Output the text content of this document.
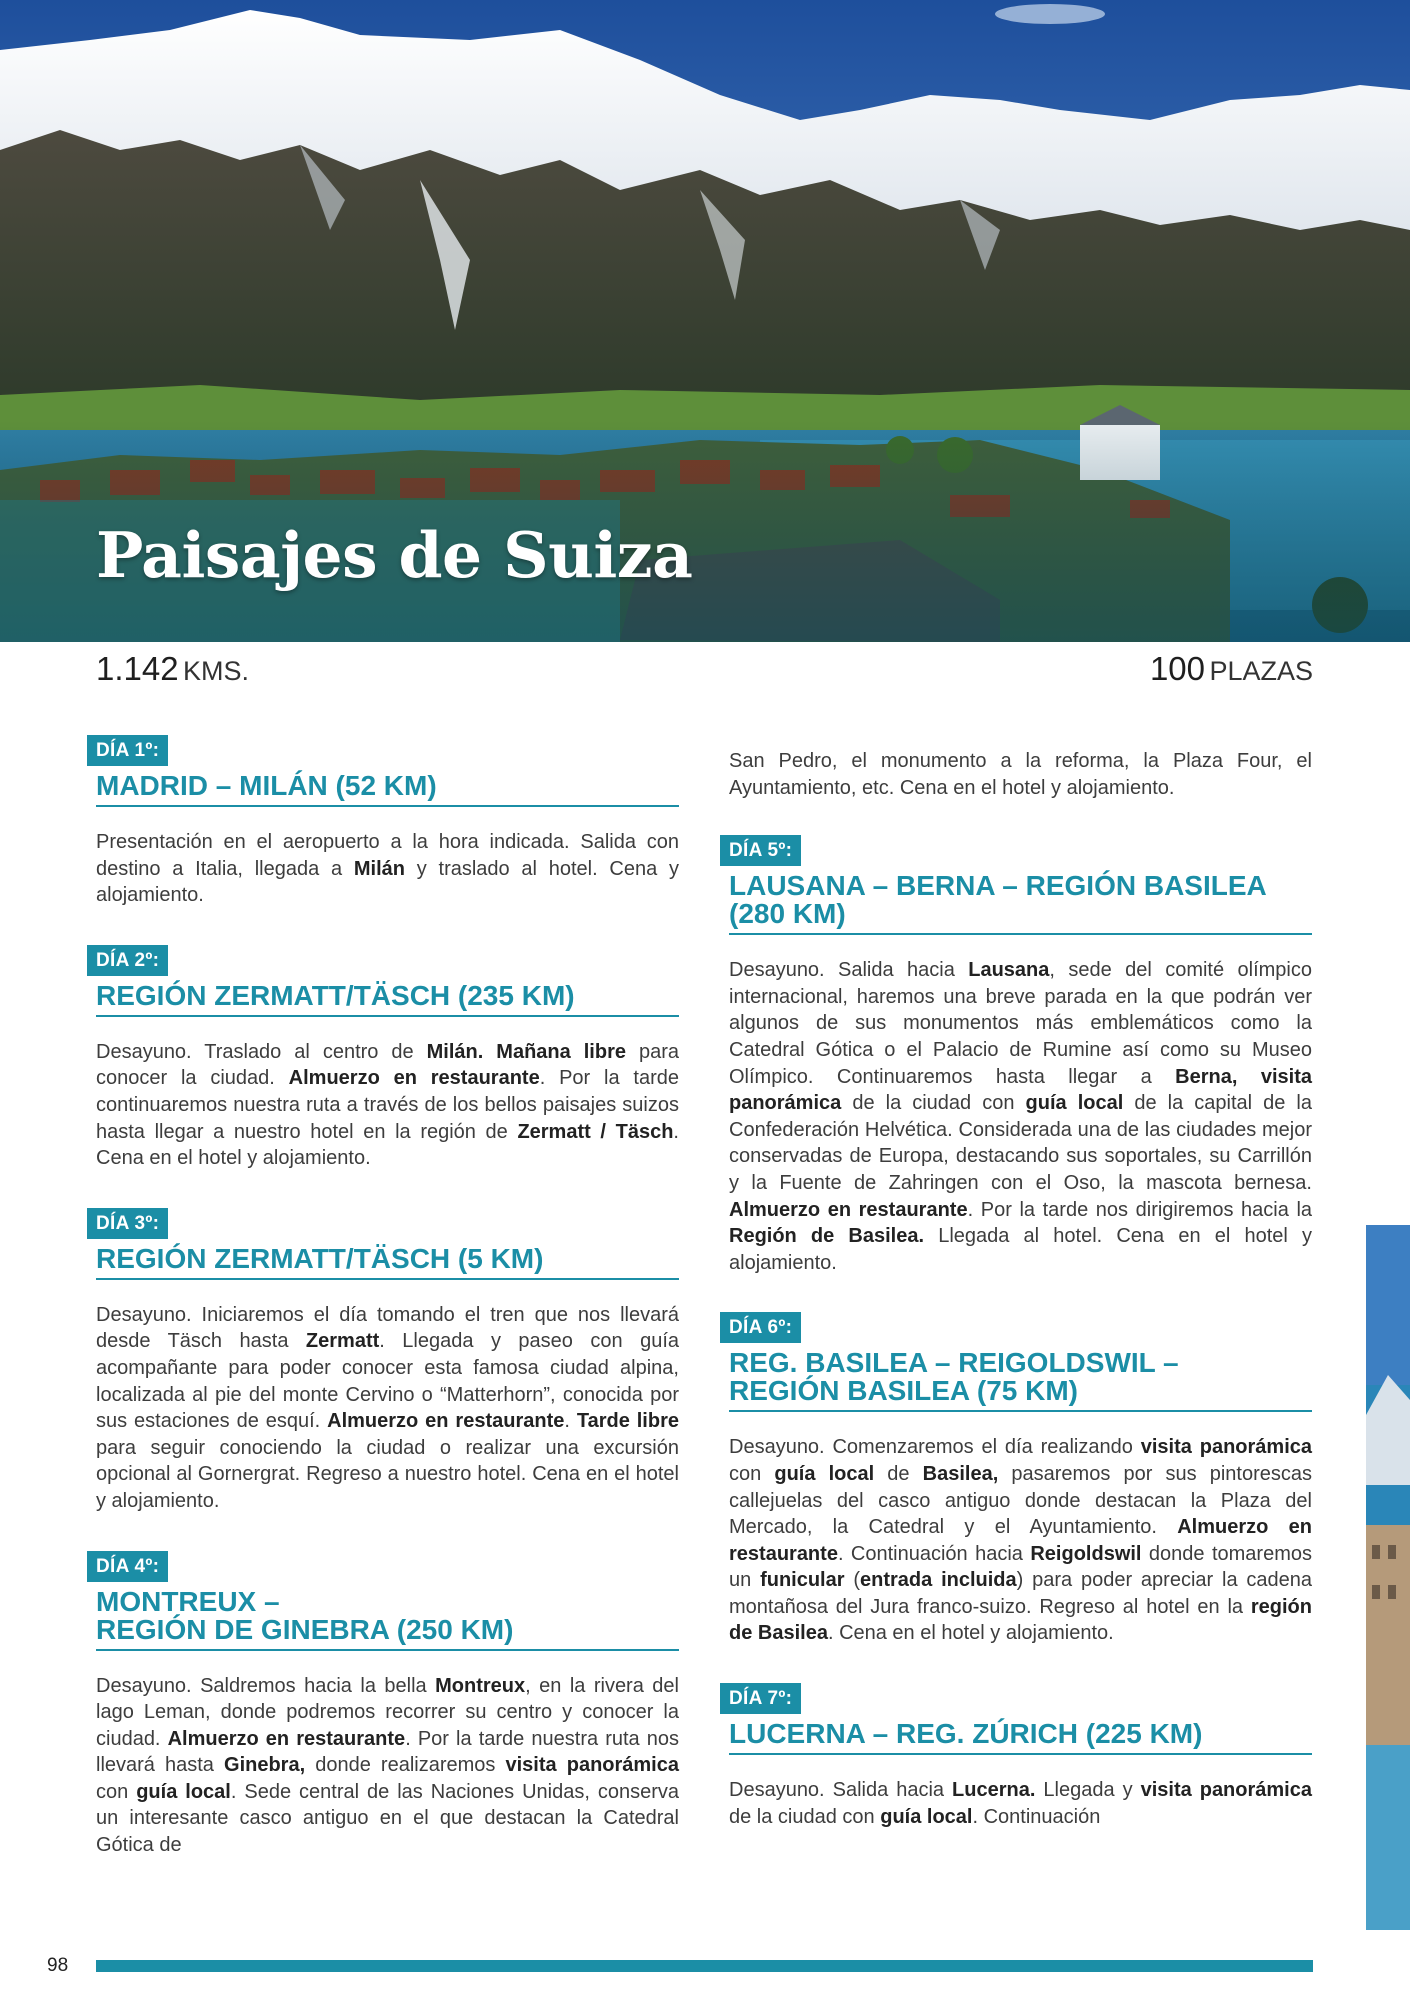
Paisajes de Suiza
1.142 KMS.	100 PLAZAS
DÍA 1º:
MADRID – MILÁN (52 KM)
Presentación en el aeropuerto a la hora indicada. Salida con destino a Italia, llegada a Milán y traslado al hotel. Cena y alojamiento.
DÍA 2º:
REGIÓN ZERMATT/TÄSCH (235 KM)
Desayuno. Traslado al centro de Milán. Mañana libre para conocer la ciudad. Almuerzo en restaurante. Por la tarde continuaremos nuestra ruta a través de los bellos paisajes suizos hasta llegar a nuestro hotel en la región de Zermatt / Täsch. Cena en el hotel y alojamiento.
DÍA 3º:
REGIÓN ZERMATT/TÄSCH (5 KM)
Desayuno. Iniciaremos el día tomando el tren que nos llevará desde Täsch hasta Zermatt. Llegada y paseo con guía acompañante para poder conocer esta famosa ciudad alpina, localizada al pie del monte Cervino o “Matterhorn”, conocida por sus estaciones de esquí. Almuerzo en restaurante. Tarde libre para seguir conociendo la ciudad o realizar una excursión opcional al Gornergrat. Regreso a nuestro hotel. Cena en el hotel y alojamiento.
DÍA 4º:
MONTREUX –
REGIÓN DE GINEBRA (250 KM)
Desayuno. Saldremos hacia la bella Montreux, en la rivera del lago Leman, donde podremos recorrer su centro y conocer la ciudad. Almuerzo en restaurante. Por la tarde nuestra ruta nos llevará hasta Ginebra, donde realizaremos visita panorámica con guía local. Sede central de las Naciones Unidas, conserva un interesante casco antiguo en el que destacan la Catedral Gótica de
San Pedro, el monumento a la reforma, la Plaza Four, el Ayuntamiento, etc. Cena en el hotel y alojamiento.
DÍA 5º:
LAUSANA – BERNA – REGIÓN BASILEA
(280 KM)
Desayuno. Salida hacia Lausana, sede del comité olímpico internacional, haremos una breve parada en la que podrán ver algunos de sus monumentos más emblemáticos como la Catedral Gótica o el Palacio de Rumine así como su Museo Olímpico. Continuaremos hasta llegar a Berna, visita panorámica de la ciudad con guía local de la capital de la Confederación Helvética. Considerada una de las ciudades mejor conservadas de Europa, destacando sus soportales, su Carrillón y la Fuente de Zahringen con el Oso, la mascota bernesa. Almuerzo en restaurante. Por la tarde nos dirigiremos hacia la Región de Basilea. Llegada al hotel. Cena en el hotel y alojamiento.
DÍA 6º:
REG. BASILEA – REIGOLDSWIL –
REGIÓN BASILEA (75 KM)
Desayuno. Comenzaremos el día realizando visita panorámica con guía local de Basilea, pasaremos por sus pintorescas callejuelas del casco antiguo donde destacan la Plaza del Mercado, la Catedral y el Ayuntamiento. Almuerzo en restaurante. Continuación hacia Reigoldswil donde tomaremos un funicular (entrada incluida) para poder apreciar la cadena montañosa del Jura franco-suizo. Regreso al hotel en la región de Basilea. Cena en el hotel y alojamiento.
DÍA 7º:
LUCERNA – REG. ZÚRICH (225 KM)
Desayuno. Salida hacia Lucerna. Llegada y visita panorámica de la ciudad con guía local. Continuación
98
